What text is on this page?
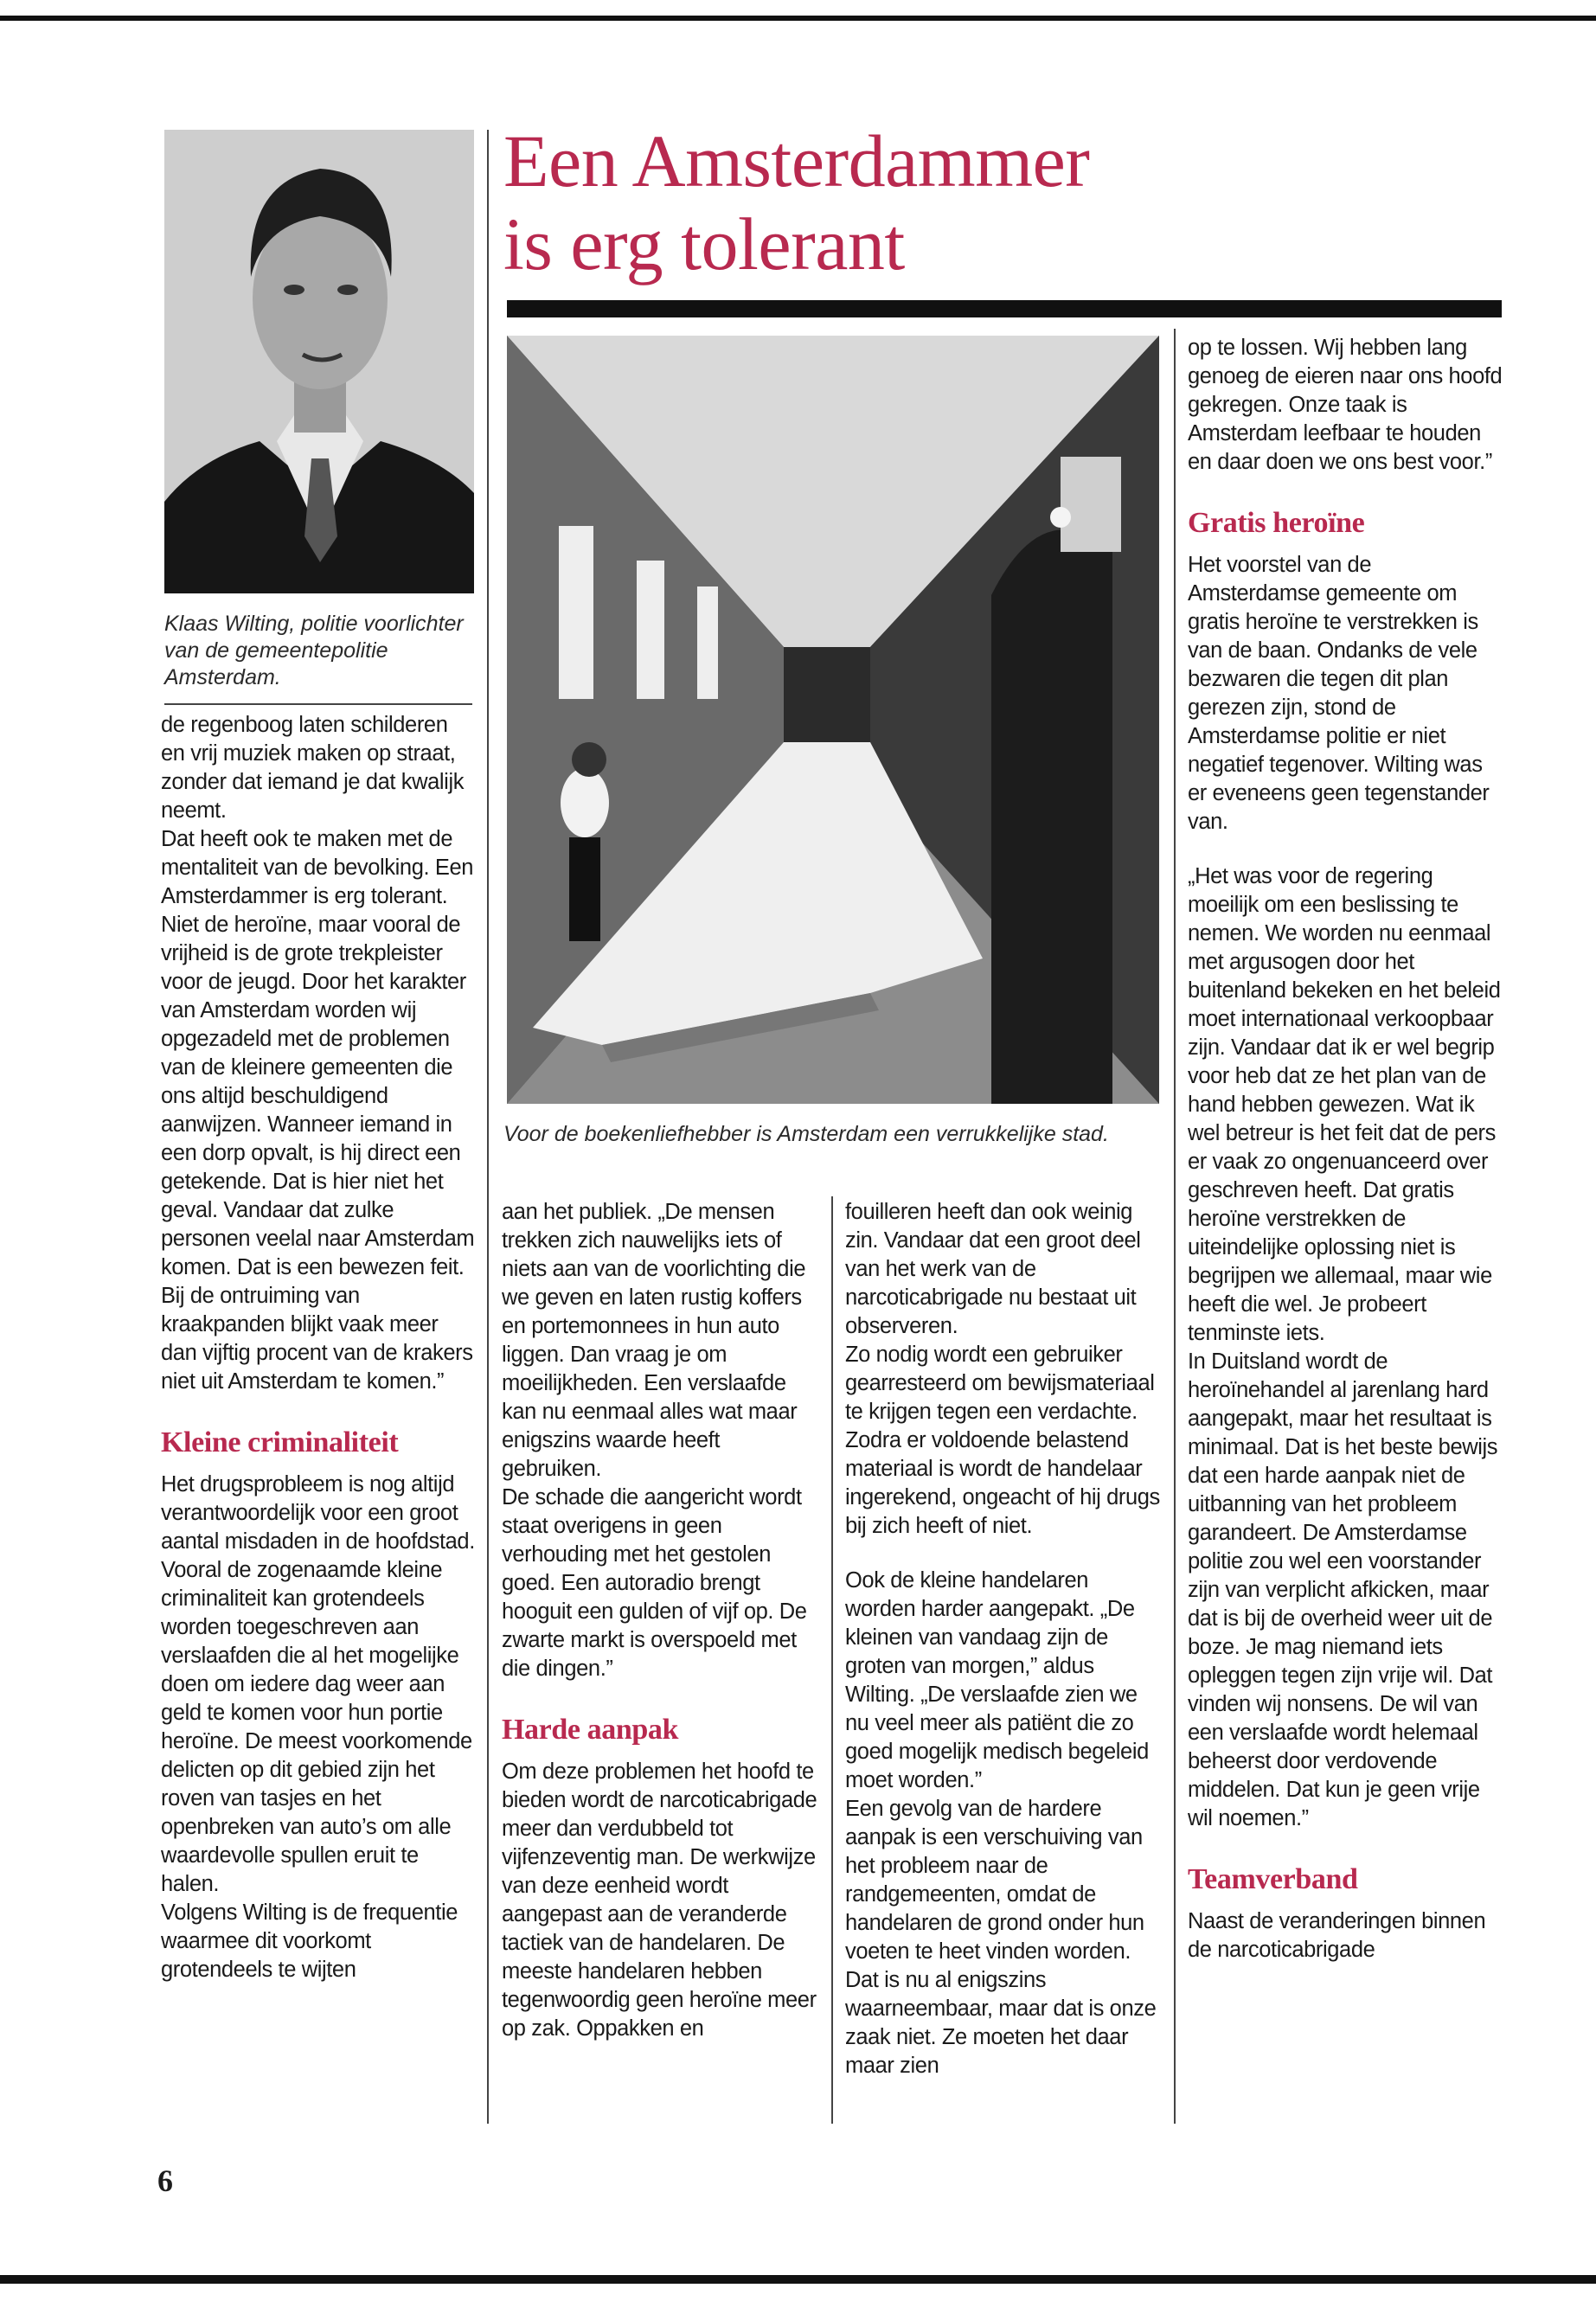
Klaas Wilting, politie voorlichter van de gemeentepolitie Amsterdam.
Een Amsterdammer
is erg tolerant
Voor de boekenliefhebber is Amsterdam een verrukkelijke stad.

de regenboog laten schilderen en vrij muziek maken op straat, zonder dat iemand je dat kwalijk neemt.

Dat heeft ook te maken met de mentaliteit van de bevolking. Een Amsterdammer is erg tolerant. Niet de heroïne, maar vooral de vrijheid is de grote trekpleister voor de jeugd. Door het karakter van Amsterdam worden wij opgezadeld met de problemen van de kleinere gemeenten die ons altijd beschuldigend aanwijzen. Wanneer iemand in een dorp opvalt, is hij direct een getekende. Dat is hier niet het geval. Vandaar dat zulke personen veelal naar Amsterdam komen. Dat is een bewezen feit. Bij de ontruiming van kraakpanden blijkt vaak meer dan vijftig procent van de krakers niet uit Amsterdam te komen.”

Kleine criminaliteit

Het drugsprobleem is nog altijd verantwoordelijk voor een groot aantal misdaden in de hoofdstad. Vooral de zogenaamde kleine criminaliteit kan grotendeels worden toegeschreven aan verslaafden die al het mogelijke doen om iedere dag weer aan geld te komen voor hun portie heroïne. De meest voorkomende delicten op dit gebied zijn het roven van tasjes en het openbreken van auto’s om alle waardevolle spullen eruit te halen.

Volgens Wilting is de frequentie waarmee dit voorkomt grotendeels te wijten

aan het publiek. „De mensen trekken zich nauwelijks iets of niets aan van de voorlichting die we geven en laten rustig koffers en portemonnees in hun auto liggen. Dan vraag je om moeilijkheden. Een verslaafde kan nu eenmaal alles wat maar enigszins waarde heeft gebruiken.

De schade die aangericht wordt staat overigens in geen verhouding met het gestolen goed. Een autoradio brengt hooguit een gulden of vijf op. De zwarte markt is overspoeld met die dingen.”

Harde aanpak

Om deze problemen het hoofd te bieden wordt de narcoticabrigade meer dan verdubbeld tot vijfenzeventig man. De werkwijze van deze eenheid wordt aangepast aan de veranderde tactiek van de handelaren. De meeste handelaren hebben tegenwoordig geen heroïne meer op zak. Oppakken en

fouilleren heeft dan ook weinig zin. Vandaar dat een groot deel van het werk van de narcoticabrigade nu bestaat uit observeren.

Zo nodig wordt een gebruiker gearresteerd om bewijsmateriaal te krijgen tegen een verdachte. Zodra er voldoende belastend materiaal is wordt de handelaar ingerekend, ongeacht of hij drugs bij zich heeft of niet.

Ook de kleine handelaren worden harder aangepakt. „De kleinen van vandaag zijn de groten van morgen,” aldus Wilting. „De verslaafde zien we nu veel meer als patiënt die zo goed mogelijk medisch begeleid moet worden.”

Een gevolg van de hardere aanpak is een verschuiving van het probleem naar de randgemeenten, omdat de handelaren de grond onder hun voeten te heet vinden worden. Dat is nu al enigszins waarneembaar, maar dat is onze zaak niet. Ze moeten het daar maar zien

op te lossen. Wij hebben lang genoeg de eieren naar ons hoofd gekregen. Onze taak is Amsterdam leefbaar te houden en daar doen we ons best voor.”

Gratis heroïne

Het voorstel van de Amsterdamse gemeente om gratis heroïne te verstrekken is van de baan. Ondanks de vele bezwaren die tegen dit plan gerezen zijn, stond de Amsterdamse politie er niet negatief tegenover. Wilting was er eveneens geen tegenstander van.

„Het was voor de regering moeilijk om een beslissing te nemen. We worden nu eenmaal met argusogen door het buitenland bekeken en het beleid moet internationaal verkoopbaar zijn. Vandaar dat ik er wel begrip voor heb dat ze het plan van de hand hebben gewezen. Wat ik wel betreur is het feit dat de pers er vaak zo ongenuanceerd over geschreven heeft. Dat gratis heroïne verstrekken de uiteindelijke oplossing niet is begrijpen we allemaal, maar wie heeft die wel. Je probeert tenminste iets.

In Duitsland wordt de heroïnehandel al jarenlang hard aangepakt, maar het resultaat is minimaal. Dat is het beste bewijs dat een harde aanpak niet de uitbanning van het probleem garandeert. De Amsterdamse politie zou wel een voorstander zijn van verplicht afkicken, maar dat is bij de overheid weer uit de boze. Je mag niemand iets opleggen tegen zijn vrije wil. Dat vinden wij nonsens. De wil van een verslaafde wordt helemaal beheerst door verdovende middelen. Dat kun je geen vrije wil noemen.”

Teamverband

Naast de veranderingen binnen de narcoticabrigade

6
